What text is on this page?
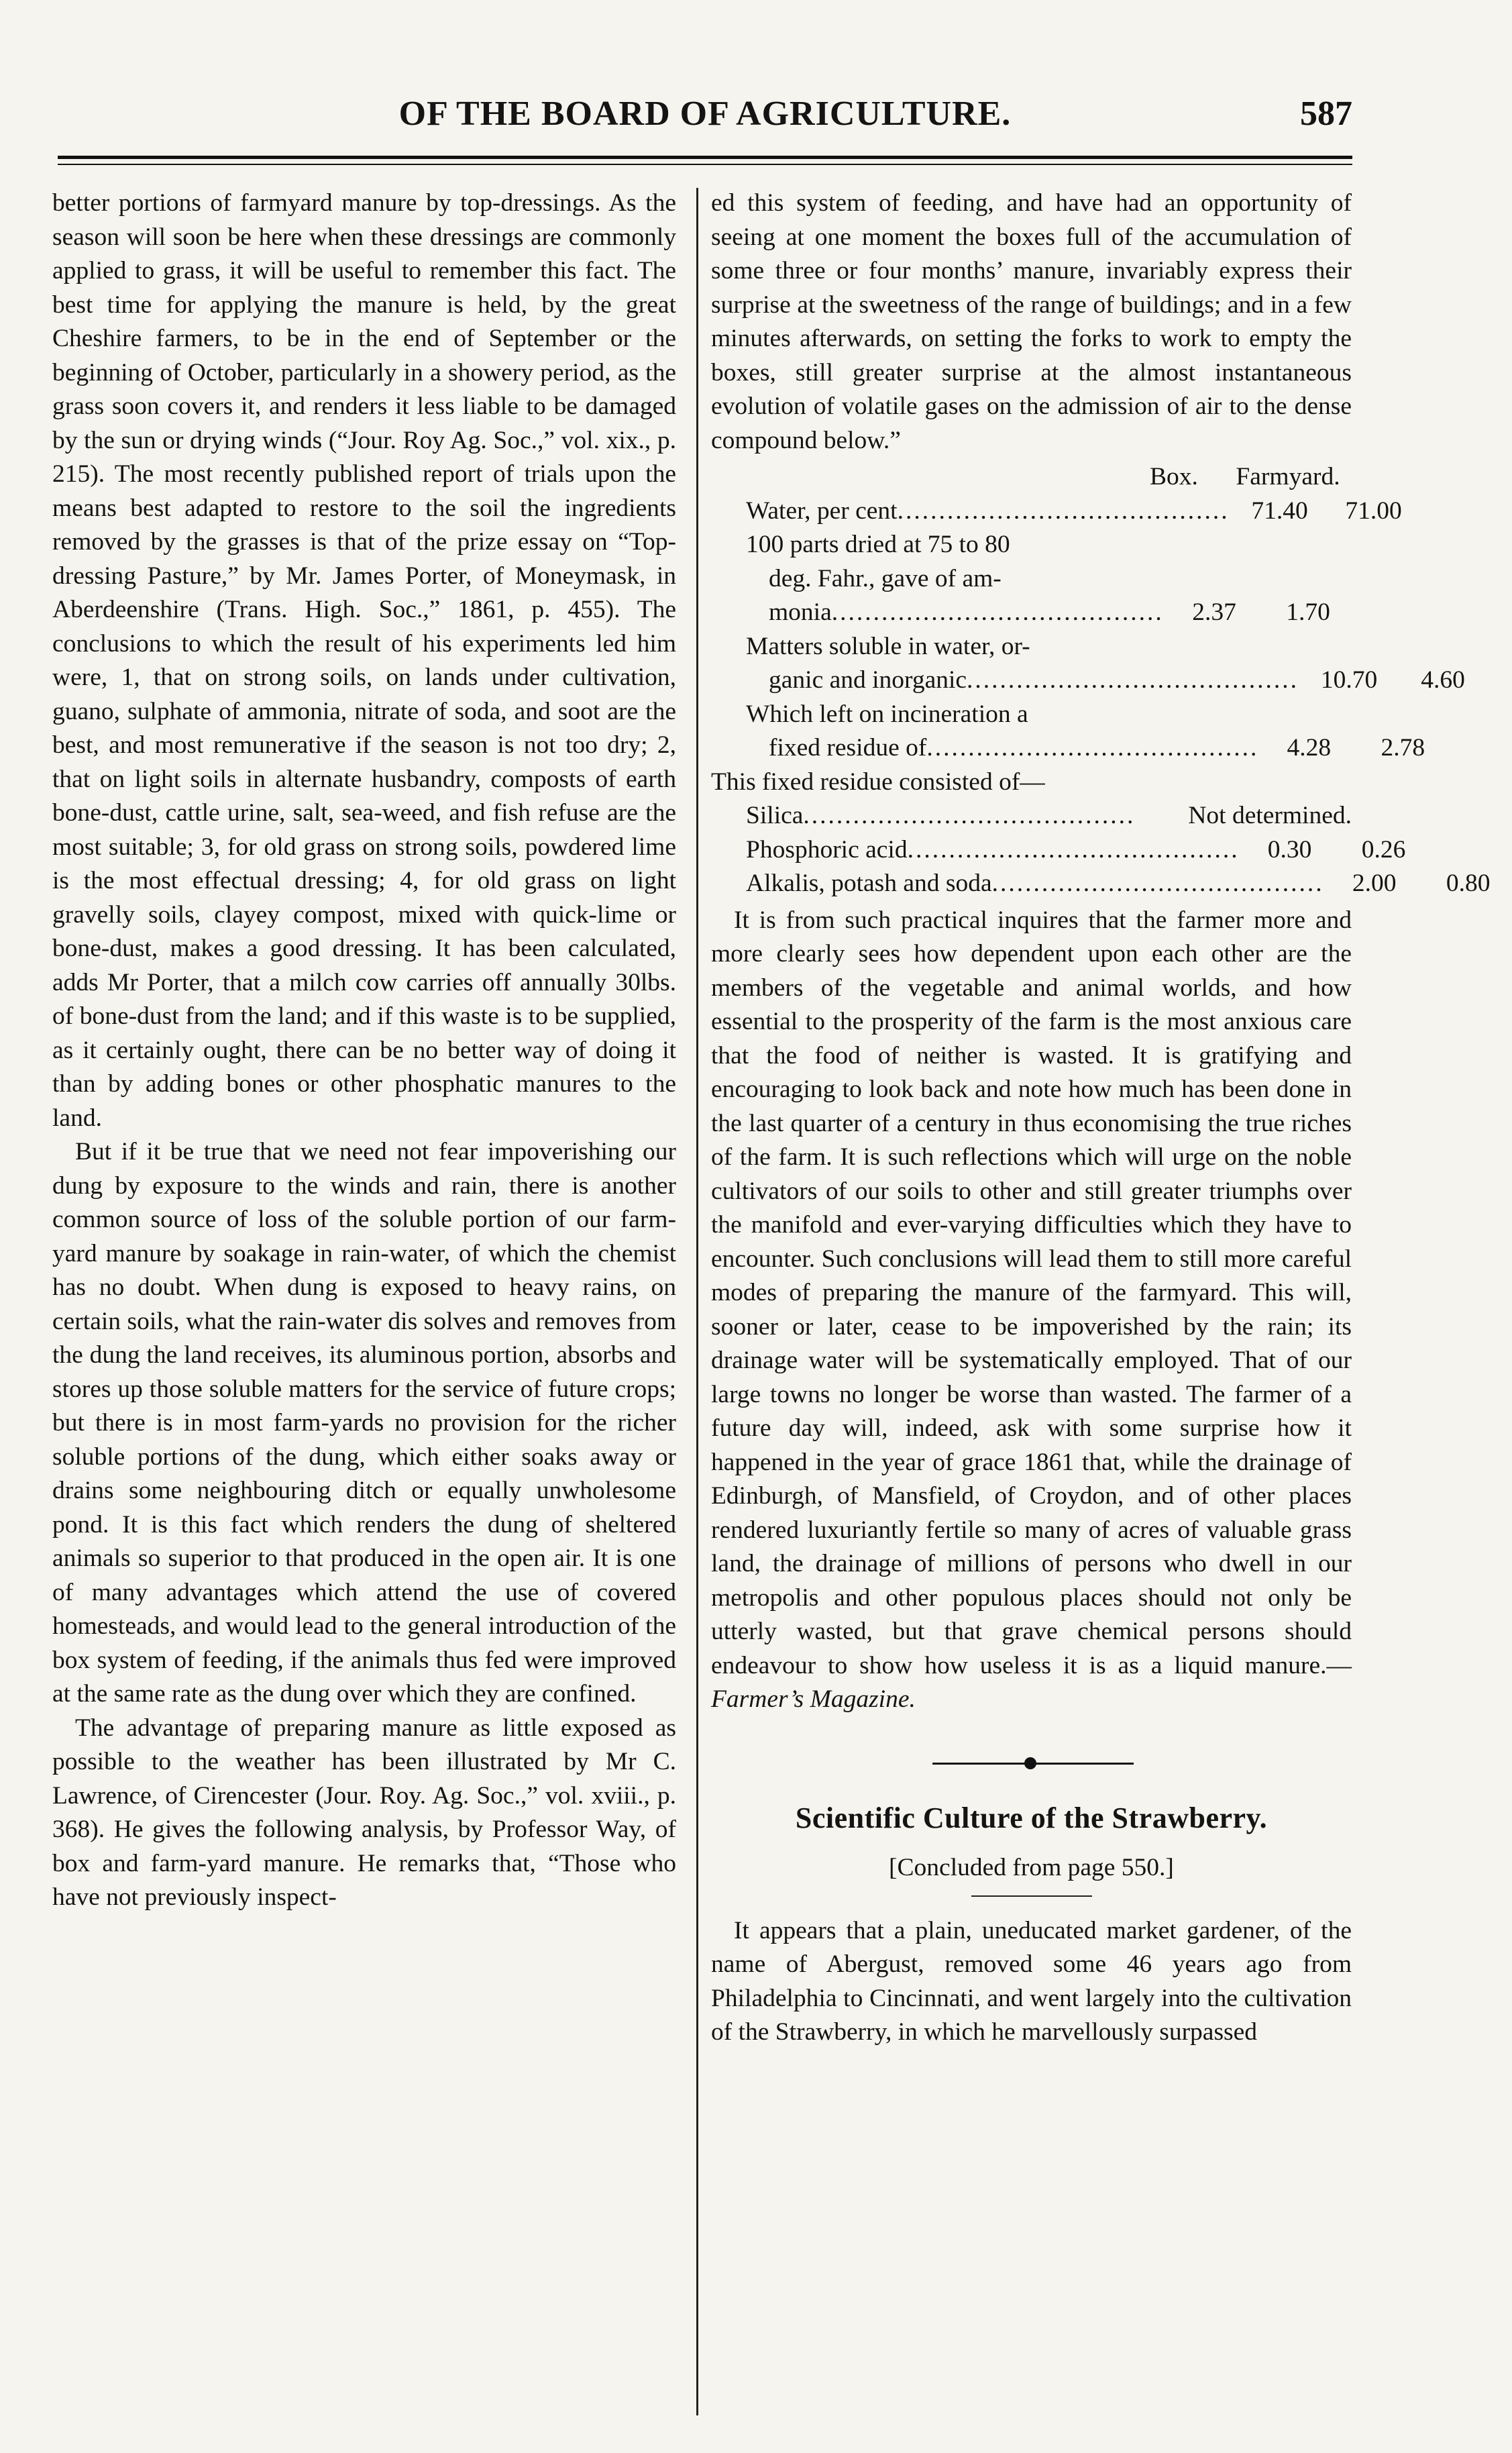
OF THE BOARD OF AGRICULTURE.	587

better portions of farmyard manure by top-dressings. As the season will soon be here when these dressings are commonly applied to grass, it will be useful to remember this fact. The best time for applying the manure is held, by the great Cheshire farmers, to be in the end of September or the beginning of October, particularly in a showery period, as the grass soon covers it, and renders it less liable to be damaged by the sun or drying winds (“Jour. Roy Ag. Soc.,” vol. xix., p. 215). The most recently published report of trials upon the means best adapted to restore to the soil the ingredients removed by the grasses is that of the prize essay on “Top-dressing Pasture,” by Mr. James Porter, of Moneymask, in Aberdeenshire (Trans. High. Soc.,” 1861, p. 455). The conclusions to which the result of his experiments led him were, 1, that on strong soils, on lands under cultivation, guano, sulphate of ammonia, nitrate of soda, and soot are the best, and most remunerative if the season is not too dry; 2, that on light soils in alternate husbandry, composts of earth bone-dust, cattle urine, salt, sea-weed, and fish refuse are the most suitable; 3, for old grass on strong soils, powdered lime is the most effectual dressing; 4, for old grass on light gravelly soils, clayey compost, mixed with quick-lime or bone-dust, makes a good dressing. It has been calculated, adds Mr Porter, that a milch cow carries off annually 30lbs. of bone-dust from the land; and if this waste is to be supplied, as it certainly ought, there can be no better way of doing it than by adding bones or other phosphatic manures to the land.

But if it be true that we need not fear impoverishing our dung by exposure to the winds and rain, there is another common source of loss of the soluble portion of our farm-yard manure by soakage in rain-water, of which the chemist has no doubt. When dung is exposed to heavy rains, on certain soils, what the rain-water dis solves and removes from the dung the land receives, its aluminous portion, absorbs and stores up those soluble matters for the service of future crops; but there is in most farm-yards no provision for the richer soluble portions of the dung, which either soaks away or drains some neighbouring ditch or equally unwholesome pond. It is this fact which renders the dung of sheltered animals so superior to that produced in the open air. It is one of many advantages which attend the use of covered homesteads, and would lead to the general introduction of the box system of feeding, if the animals thus fed were improved at the same rate as the dung over which they are confined.

The advantage of preparing manure as little exposed as possible to the weather has been illustrated by Mr C. Lawrence, of Cirencester (Jour. Roy. Ag. Soc.,” vol. xviii., p. 368). He gives the following analysis, by Professor Way, of box and farm-yard manure. He remarks that, “Those who have not previously inspect-

ed this system of feeding, and have had an opportunity of seeing at one moment the boxes full of the accumulation of some three or four months’ manure, invariably express their surprise at the sweetness of the range of buildings; and in a few minutes afterwards, on setting the forks to work to empty the boxes, still greater surprise at the almost instantaneous evolution of volatile gases on the admission of air to the dense compound below.”

Box.	Farmyard.
Water, per cent ........................................ 71.40	71.00
100 parts dried at 75 to 80
deg. Fahr., gave of am-
monia ........................................	2.37	1.70
Matters soluble in water, or-
ganic and inorganic ........................................ 10.70	4.60
Which left on incineration a
fixed residue of ........................................	4.28	2.78
This fixed residue consisted of—
Silica ........................................	Not determined.
Phosphoric acid ........................................	0.30	0.26
Alkalis, potash and soda ........................................	2.00	0.80

It is from such practical inquires that the farmer more and more clearly sees how dependent upon each other are the members of the vegetable and animal worlds, and how essential to the prosperity of the farm is the most anxious care that the food of neither is wasted. It is gratifying and encouraging to look back and note how much has been done in the last quarter of a century in thus economising the true riches of the farm. It is such reflections which will urge on the noble cultivators of our soils to other and still greater triumphs over the manifold and ever-varying difficulties which they have to encounter. Such conclusions will lead them to still more careful modes of preparing the manure of the farmyard. This will, sooner or later, cease to be impoverished by the rain; its drainage water will be systematically employed. That of our large towns no longer be worse than wasted. The farmer of a future day will, indeed, ask with some surprise how it happened in the year of grace 1861 that, while the drainage of Edinburgh, of Mansfield, of Croydon, and of other places rendered luxuriantly fertile so many of acres of valuable grass land, the drainage of millions of persons who dwell in our metropolis and other populous places should not only be utterly wasted, but that grave chemical persons should endeavour to show how useless it is as a liquid manure.—Farmer’s Magazine.

Scientific Culture of the Strawberry.
[Concluded from page 550.]

It appears that a plain, uneducated market gardener, of the name of Abergust, removed some 46 years ago from Philadelphia to Cincinnati, and went largely into the cultivation of the Strawberry, in which he marvellously surpassed
